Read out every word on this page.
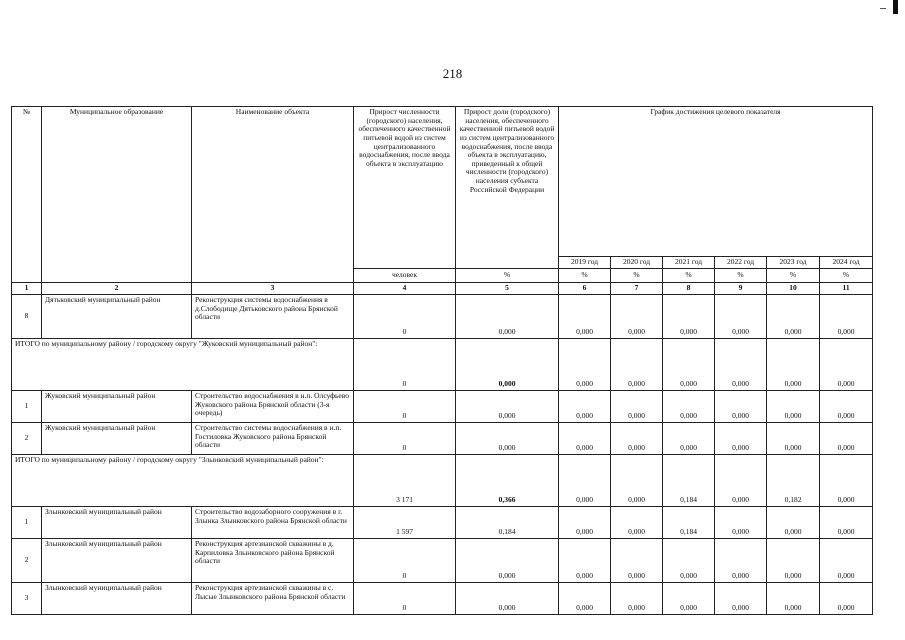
218
№	Муниципальное образование	Наименование объекта	Прирост численности (городского) населения, обеспеченного качественной питьевой водой из систем централизованного водоснабжения, после ввода объекта в эксплуатацию	Прирост доли (городского) населения, обеспеченного качественной питьевой водой из систем централизованного водоснабжения, после ввода объекта в эксплуатацию, приведенный к общей численности (городского) населения субъекта Российской Федерации	График достижения целевого показателя					
					2019 год	2020 год	2021 год	2022 год	2023 год	2024 год
			человек	%	%	%	%	%	%	%
1	2	3	4	5	6	7	8	9	10	11
8	Дятьковский муниципальный район	Реконструкция системы водоснабжения в д.Слободище Дятьковского района Брянской области	0	0,000	0,000	0,000	0,000	0,000	0,000	0,000
ИТОГО по муниципальному району / городскому округу "Жуковский муниципальный район":			0	0,000	0,000	0,000	0,000	0,000	0,000	0,000
1	Жуковский муниципальный район	Строительство водоснабжения в н.п. Олсуфьево Жуковского района Брянской области (3-я очередь)	0	0,000	0,000	0,000	0,000	0,000	0,000	0,000
2	Жуковский муниципальный район	Строительство системы водоснабжения в н.п. Гостиловка Жуковского района Брянской области	0	0,000	0,000	0,000	0,000	0,000	0,000	0,000
ИТОГО по муниципальному району / городскому округу "Злынковский муниципальный район":			3 171	0,366	0,000	0,000	0,184	0,000	0,182	0,000
1	Злынковский муниципальный район	Строительство водозаборного сооружения в г. Злынка Злынковского района Брянской области	1 597	0,184	0,000	0,000	0,184	0,000	0,000	0,000
2	Злынковский муниципальный район	Реконструкция артезианской скважины в д. Карпиловка Злынковского района Брянской области	0	0,000	0,000	0,000	0,000	0,000	0,000	0,000
3	Злынковский муниципальный район	Реконструкция артезианской скважины в с. Лысые Злынковского района Брянской области	0	0,000	0,000	0,000	0,000	0,000	0,000	0,000
